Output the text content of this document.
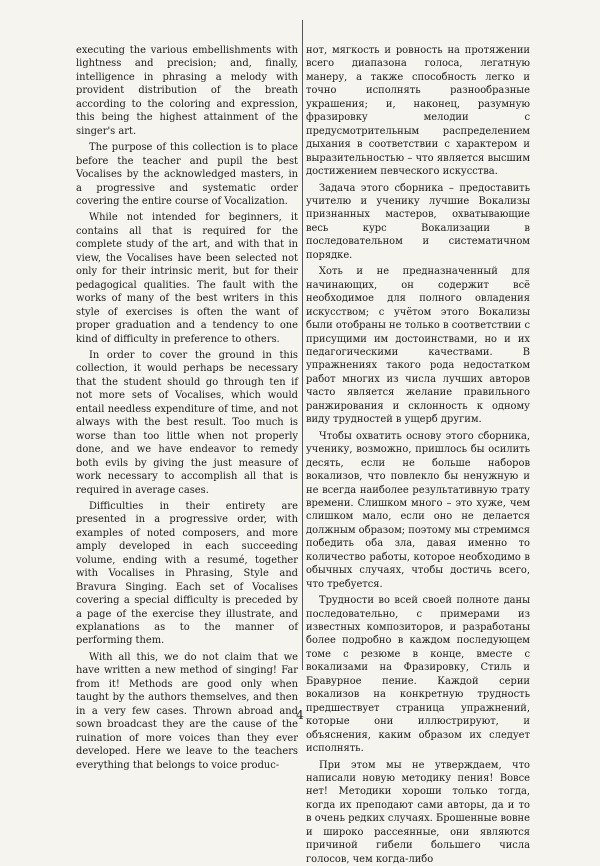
executing the various embellishments with lightness and precision; and, finally, intelligence in phrasing a melody with provident distribution of the breath according to the coloring and expression, this being the highest attainment of the singer's art.

The purpose of this collection is to place before the teacher and pupil the best Vocalises by the acknowledged masters, in a progressive and systematic order covering the entire course of Vocalization.

While not intended for beginners, it contains all that is required for the complete study of the art, and with that in view, the Vocalises have been selected not only for their intrinsic merit, but for their pedagogical qualities. The fault with the works of many of the best writers in this style of exercises is often the want of proper graduation and a tendency to one kind of difficulty in preference to others.

In order to cover the ground in this collection, it would perhaps be necessary that the student should go through ten if not more sets of Vocalises, which would entail needless expenditure of time, and not always with the best result. Too much is worse than too little when not properly done, and we have endeavor to remedy both evils by giving the just measure of work necessary to accomplish all that is required in average cases.

Difficulties in their entirety are presented in a progressive order, with examples of noted composers, and more amply developed in each succeeding volume, ending with a resumé, together with Vocalises in Phrasing, Style and Bravura Singing. Each set of Vocalises covering a special difficulty is preceded by a page of the exercise they illustrate, and explanations as to the manner of performing them.

With all this, we do not claim that we have written a new method of singing! Far from it! Methods are good only when taught by the authors themselves, and then in a very few cases. Thrown abroad and sown broadcast they are the cause of the ruination of more voices than they ever developed. Here we leave to the teachers everything that belongs to voice produc-

нот, мягкость и ровность на протяжении всего диапазона голоса, легатную манеру, а также способность легко и точно исполнять разнообразные украшения; и, наконец, разумную фразировку мелодии с предусмотрительным распределением дыхания в соответствии с характером и выразительностью – что является высшим достижением певческого искусства.

Задача этого сборника – предоставить учителю и ученику лучшие Вокализы признанных мастеров, охватывающие весь курс Вокализации в последовательном и систематичном порядке.

Хоть и не предназначенный для начинающих, он содержит всё необходимое для полного овладения искусством; с учётом этого Вокализы были отобраны не только в соответствии с присущими им достоинствами, но и их педагогическими качествами. В упражнениях такого рода недостатком работ многих из числа лучших авторов часто является желание правильного ранжирования и склонность к одному виду трудностей в ущерб другим.

Чтобы охватить основу этого сборника, ученику, возможно, пришлось бы осилить десять, если не больше наборов вокализов, что повлекло бы ненужную и не всегда наиболее результативную трату времени. Слишком много – это хуже, чем слишком мало, если оно не делается должным образом; поэтому мы стремимся победить оба зла, давая именно то количество работы, которое необходимо в обычных случаях, чтобы достичь всего, что требуется.

Трудности во всей своей полноте даны последовательно, с примерами из известных композиторов, и разработаны более подробно в каждом последующем томе с резюме в конце, вместе с вокализами на Фразировку, Стиль и Бравурное пение. Каждой серии вокализов на конкретную трудность предшествует страница упражнений, которые они иллюстрируют, и объяснения, каким образом их следует исполнять.

При этом мы не утверждаем, что написали новую методику пения! Вовсе нет! Методики хороши только тогда, когда их преподают сами авторы, да и то в очень редких случаях. Брошенные вовне и широко рассеянные, они являются причиной гибели большего числа голосов, чем когда-либо

4
